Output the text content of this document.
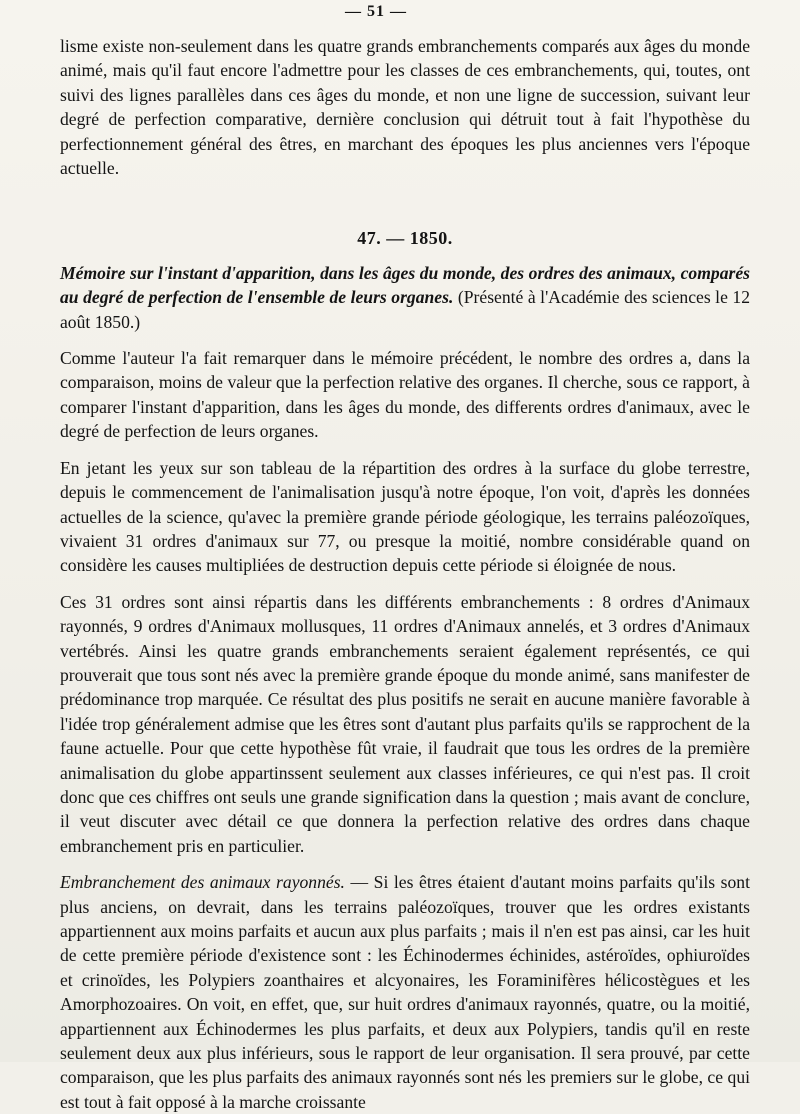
— 51 —

lisme existe non-seulement dans les quatre grands embranchements comparés aux âges du monde animé, mais qu'il faut encore l'admettre pour les classes de ces embranchements, qui, toutes, ont suivi des lignes parallèles dans ces âges du monde, et non une ligne de succession, suivant leur degré de perfection comparative, dernière conclusion qui détruit tout à fait l'hypothèse du perfectionnement général des êtres, en marchant des époques les plus anciennes vers l'époque actuelle.

47. — 1850.

Mémoire sur l'instant d'apparition, dans les âges du monde, des ordres des animaux, comparés au degré de perfection de l'ensemble de leurs organes. (Présenté à l'Académie des sciences le 12 août 1850.)

Comme l'auteur l'a fait remarquer dans le mémoire précédent, le nombre des ordres a, dans la comparaison, moins de valeur que la perfection relative des organes. Il cherche, sous ce rapport, à comparer l'instant d'apparition, dans les âges du monde, des differents ordres d'animaux, avec le degré de perfection de leurs organes.

En jetant les yeux sur son tableau de la répartition des ordres à la surface du globe terrestre, depuis le commencement de l'animalisation jusqu'à notre époque, l'on voit, d'après les données actuelles de la science, qu'avec la première grande période géologique, les terrains paléozoïques, vivaient 31 ordres d'animaux sur 77, ou presque la moitié, nombre considérable quand on considère les causes multipliées de destruction depuis cette période si éloignée de nous.

Ces 31 ordres sont ainsi répartis dans les différents embranchements : 8 ordres d'Animaux rayonnés, 9 ordres d'Animaux mollusques, 11 ordres d'Animaux annelés, et 3 ordres d'Animaux vertébrés. Ainsi les quatre grands embranchements seraient également représentés, ce qui prouverait que tous sont nés avec la première grande époque du monde animé, sans manifester de prédominance trop marquée. Ce résultat des plus positifs ne serait en aucune manière favorable à l'idée trop généralement admise que les êtres sont d'autant plus parfaits qu'ils se rapprochent de la faune actuelle. Pour que cette hypothèse fût vraie, il faudrait que tous les ordres de la première animalisation du globe appartinssent seulement aux classes inférieures, ce qui n'est pas. Il croit donc que ces chiffres ont seuls une grande signification dans la question ; mais avant de conclure, il veut discuter avec détail ce que donnera la perfection relative des ordres dans chaque embranchement pris en particulier.

Embranchement des animaux rayonnés. — Si les êtres étaient d'autant moins parfaits qu'ils sont plus anciens, on devrait, dans les terrains paléozoïques, trouver que les ordres existants appartiennent aux moins parfaits et aucun aux plus parfaits ; mais il n'en est pas ainsi, car les huit de cette première période d'existence sont : les Échinodermes échinides, astéroïdes, ophiuroïdes et crinoïdes, les Polypiers zoanthaires et alcyonaires, les Foraminifères hélicostègues et les Amorphozoaires. On voit, en effet, que, sur huit ordres d'animaux rayonnés, quatre, ou la moitié, appartiennent aux Échinodermes les plus parfaits, et deux aux Polypiers, tandis qu'il en reste seulement deux aux plus inférieurs, sous le rapport de leur organisation. Il sera prouvé, par cette comparaison, que les plus parfaits des animaux rayonnés sont nés les premiers sur le globe, ce qui est tout à fait opposé à la marche croissante
